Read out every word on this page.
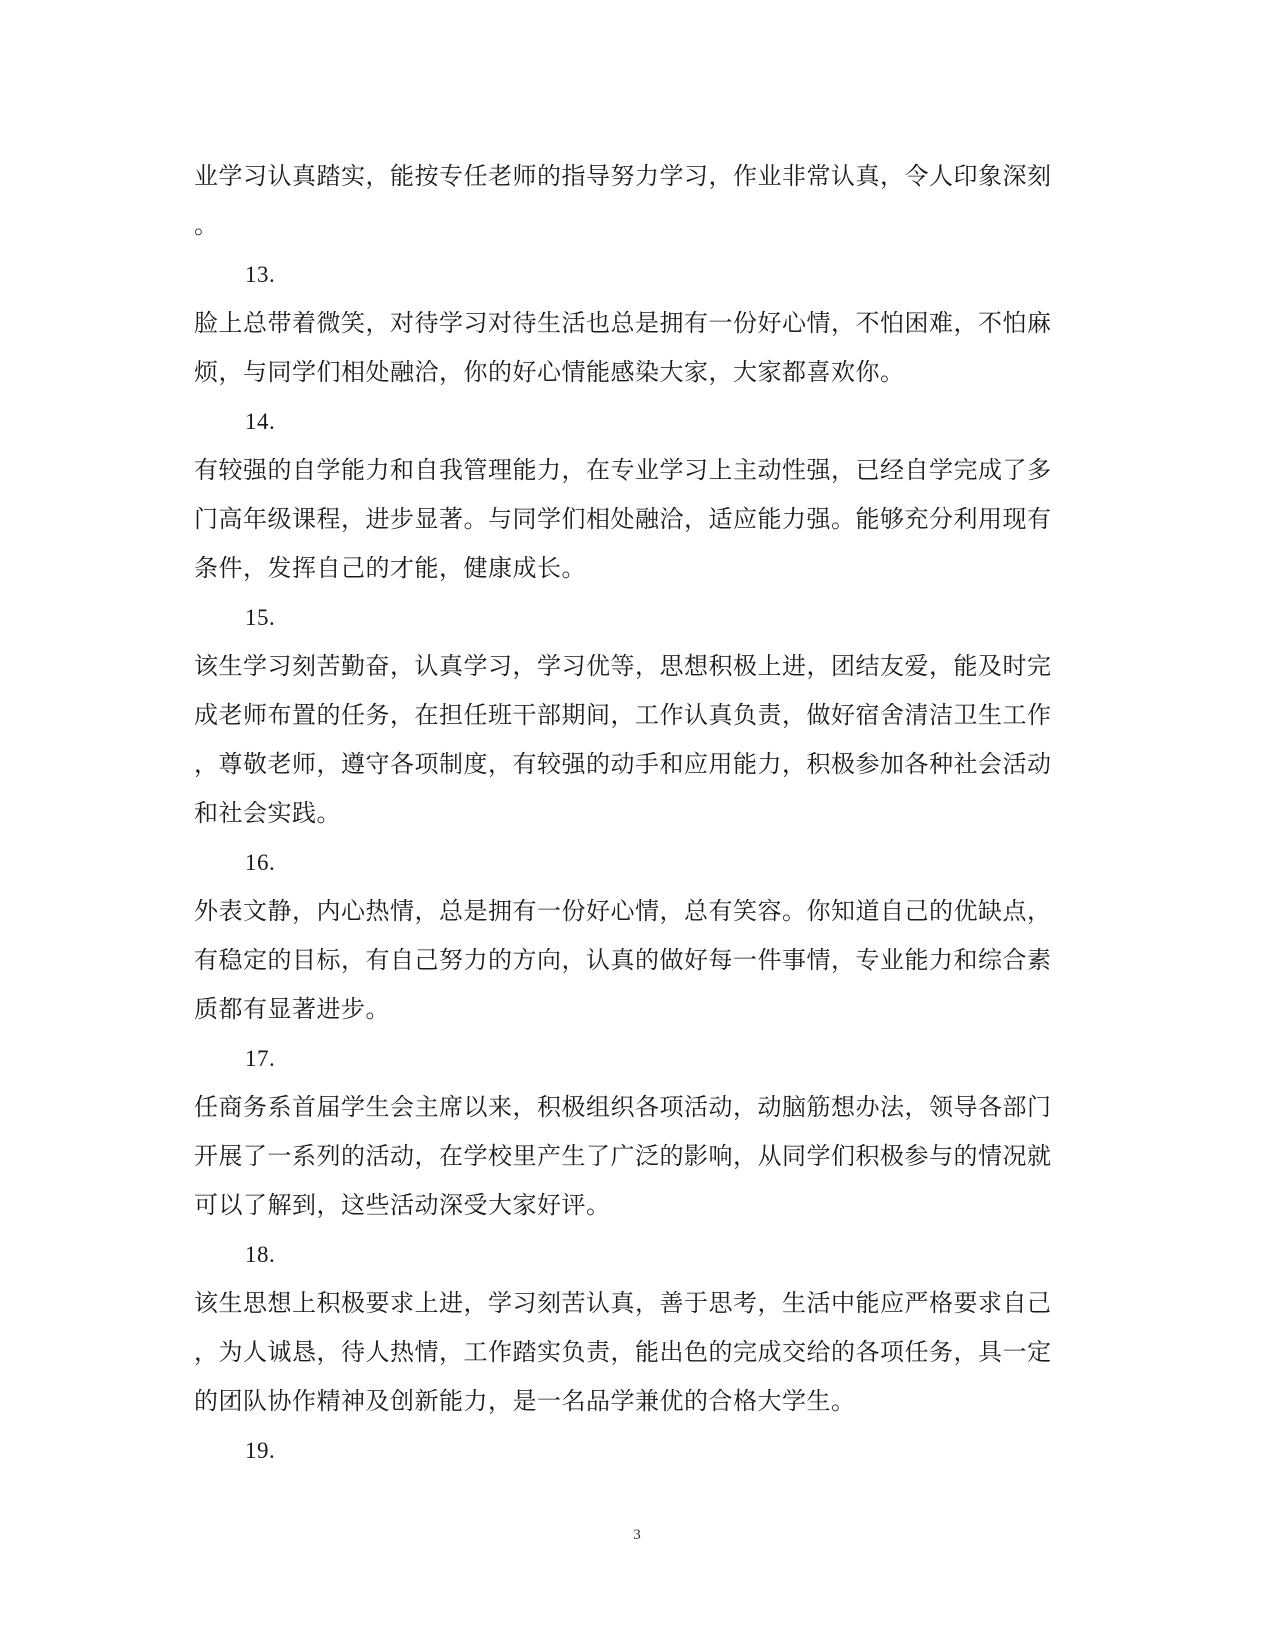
业学习认真踏实，能按专任老师的指导努力学习，作业非常认真，令人印象深刻
。
13.
脸上总带着微笑，对待学习对待生活也总是拥有一份好心情，不怕困难，不怕麻
烦，与同学们相处融洽，你的好心情能感染大家，大家都喜欢你。
14.
有较强的自学能力和自我管理能力，在专业学习上主动性强，已经自学完成了多
门高年级课程，进步显著。与同学们相处融洽，适应能力强。能够充分利用现有
条件，发挥自己的才能，健康成长。
15.
该生学习刻苦勤奋，认真学习，学习优等，思想积极上进，团结友爱，能及时完
成老师布置的任务，在担任班干部期间，工作认真负责，做好宿舍清洁卫生工作
，尊敬老师，遵守各项制度，有较强的动手和应用能力，积极参加各种社会活动
和社会实践。
16.
外表文静，内心热情，总是拥有一份好心情，总有笑容。你知道自己的优缺点，
有稳定的目标，有自己努力的方向，认真的做好每一件事情，专业能力和综合素
质都有显著进步。
17.
任商务系首届学生会主席以来，积极组织各项活动，动脑筋想办法，领导各部门
开展了一系列的活动，在学校里产生了广泛的影响，从同学们积极参与的情况就
可以了解到，这些活动深受大家好评。
18.
该生思想上积极要求上进，学习刻苦认真，善于思考，生活中能应严格要求自己
，为人诚恳，待人热情，工作踏实负责，能出色的完成交给的各项任务，具一定
的团队协作精神及创新能力，是一名品学兼优的合格大学生。
19.
3
